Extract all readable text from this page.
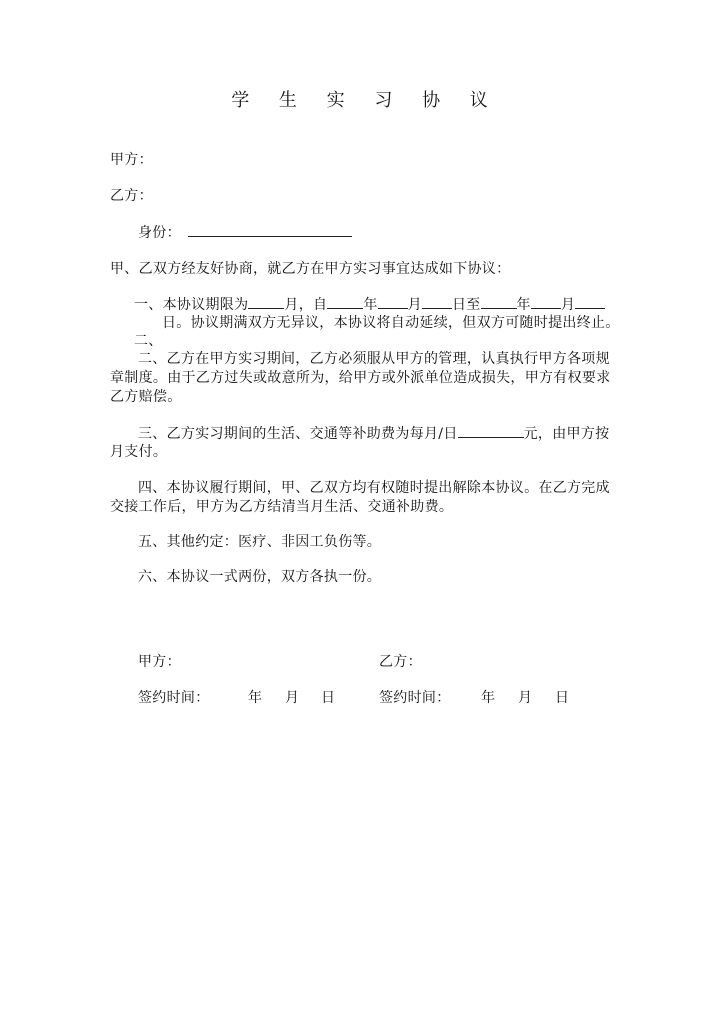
学 生 实 习 协 议
甲方：
乙方：
身份：
甲、乙双方经友好协商，就乙方在甲方实习事宜达成如下协议：
一、本协议期限为	月，自	年 月 日至	年 月
日。协议期满双方无异议，本协议将自动延续，但双方可随时提出终止。
二、
二、乙方在甲方实习期间，乙方必须服从甲方的管理，认真执行甲方各项规
章制度。由于乙方过失或故意所为，给甲方或外派单位造成损失，甲方有权要求
乙方赔偿。
三、乙方实习期间的生活、交通等补助费为每月/日	元，由甲方按
月支付。
四、本协议履行期间，甲、乙双方均有权随时提出解除本协议。在乙方完成
交接工作后，甲方为乙方结清当月生活、交通补助费。
五、其他约定：医疗、非因工负伤等。
六、本协议一式两份，双方各执一份。
甲方：	乙方：
签约时间：	年 月 日	签约时间： 年 月 日
